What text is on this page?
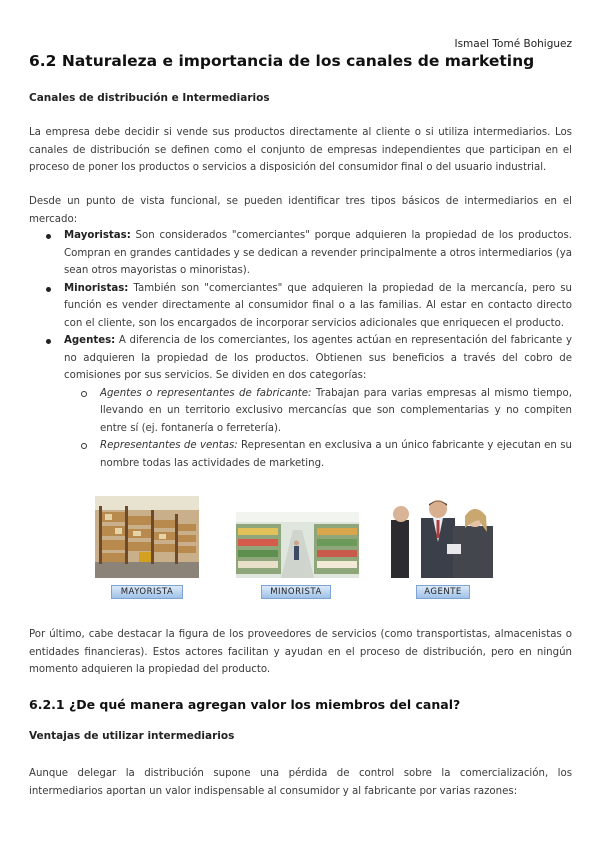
Ismael Tomé Bohiguez
6.2 Naturaleza e importancia de los canales de marketing
Canales de distribución e Intermediarios

La empresa debe decidir si vende sus productos directamente al cliente o si utiliza intermediarios. Los canales de distribución se definen como el conjunto de empresas independientes que participan en el proceso de poner los productos o servicios a disposición del consumidor final o del usuario industrial.

Desde un punto de vista funcional, se pueden identificar tres tipos básicos de intermediarios en el mercado:

Mayoristas: Son considerados "comerciantes" porque adquieren la propiedad de los productos. Compran en grandes cantidades y se dedican a revender principalmente a otros intermediarios (ya sean otros mayoristas o minoristas).
Minoristas: También son "comerciantes" que adquieren la propiedad de la mercancía, pero su función es vender directamente al consumidor final o a las familias. Al estar en contacto directo con el cliente, son los encargados de incorporar servicios adicionales que enriquecen el producto.
Agentes: A diferencia de los comerciantes, los agentes actúan en representación del fabricante y no adquieren la propiedad de los productos. Obtienen sus beneficios a través del cobro de comisiones por sus servicios. Se dividen en dos categorías:
Agentes o representantes de fabricante: Trabajan para varias empresas al mismo tiempo, llevando en un territorio exclusivo mercancías que son complementarias y no compiten entre sí (ej. fontanería o ferretería).
Representantes de ventas: Representan en exclusiva a un único fabricante y ejecutan en su nombre todas las actividades de marketing.
MAYORISTA	MINORISTA	AGENTE

Por último, cabe destacar la figura de los proveedores de servicios (como transportistas, almacenistas o entidades financieras). Estos actores facilitan y ayudan en el proceso de distribución, pero en ningún momento adquieren la propiedad del producto.

6.2.1 ¿De qué manera agregan valor los miembros del canal?
Ventajas de utilizar intermediarios

Aunque delegar la distribución supone una pérdida de control sobre la comercialización, los intermediarios aportan un valor indispensable al consumidor y al fabricante por varias razones:
